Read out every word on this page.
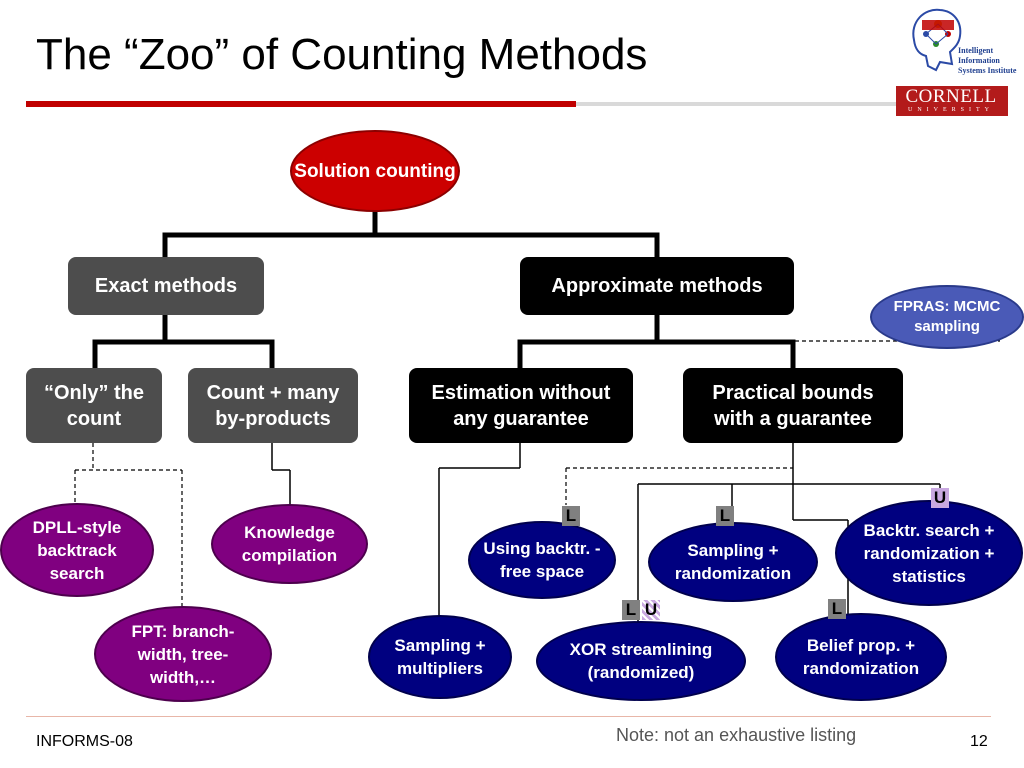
The “Zoo” of Counting Methods	Intelligent Information Systems Institute
CORNELL
UNIVERSITY
Solution counting
Exact methods	Approximate methods
FPRAS: MCMC sampling
“Only” the count
Count + many by-products
Estimation without any guarantee
Practical bounds with a guarantee
DPLL-style backtrack search
Knowledge compilation
FPT: branch-width, tree-width,…
Using backtr. -free space
Sampling + randomization
Backtr. search + randomization + statistics
Sampling + multipliers
XOR streamlining (randomized)
Belief prop. + randomization
L	L
L U	L
U
Note: not an exhaustive listing
INFORMS-08	12
